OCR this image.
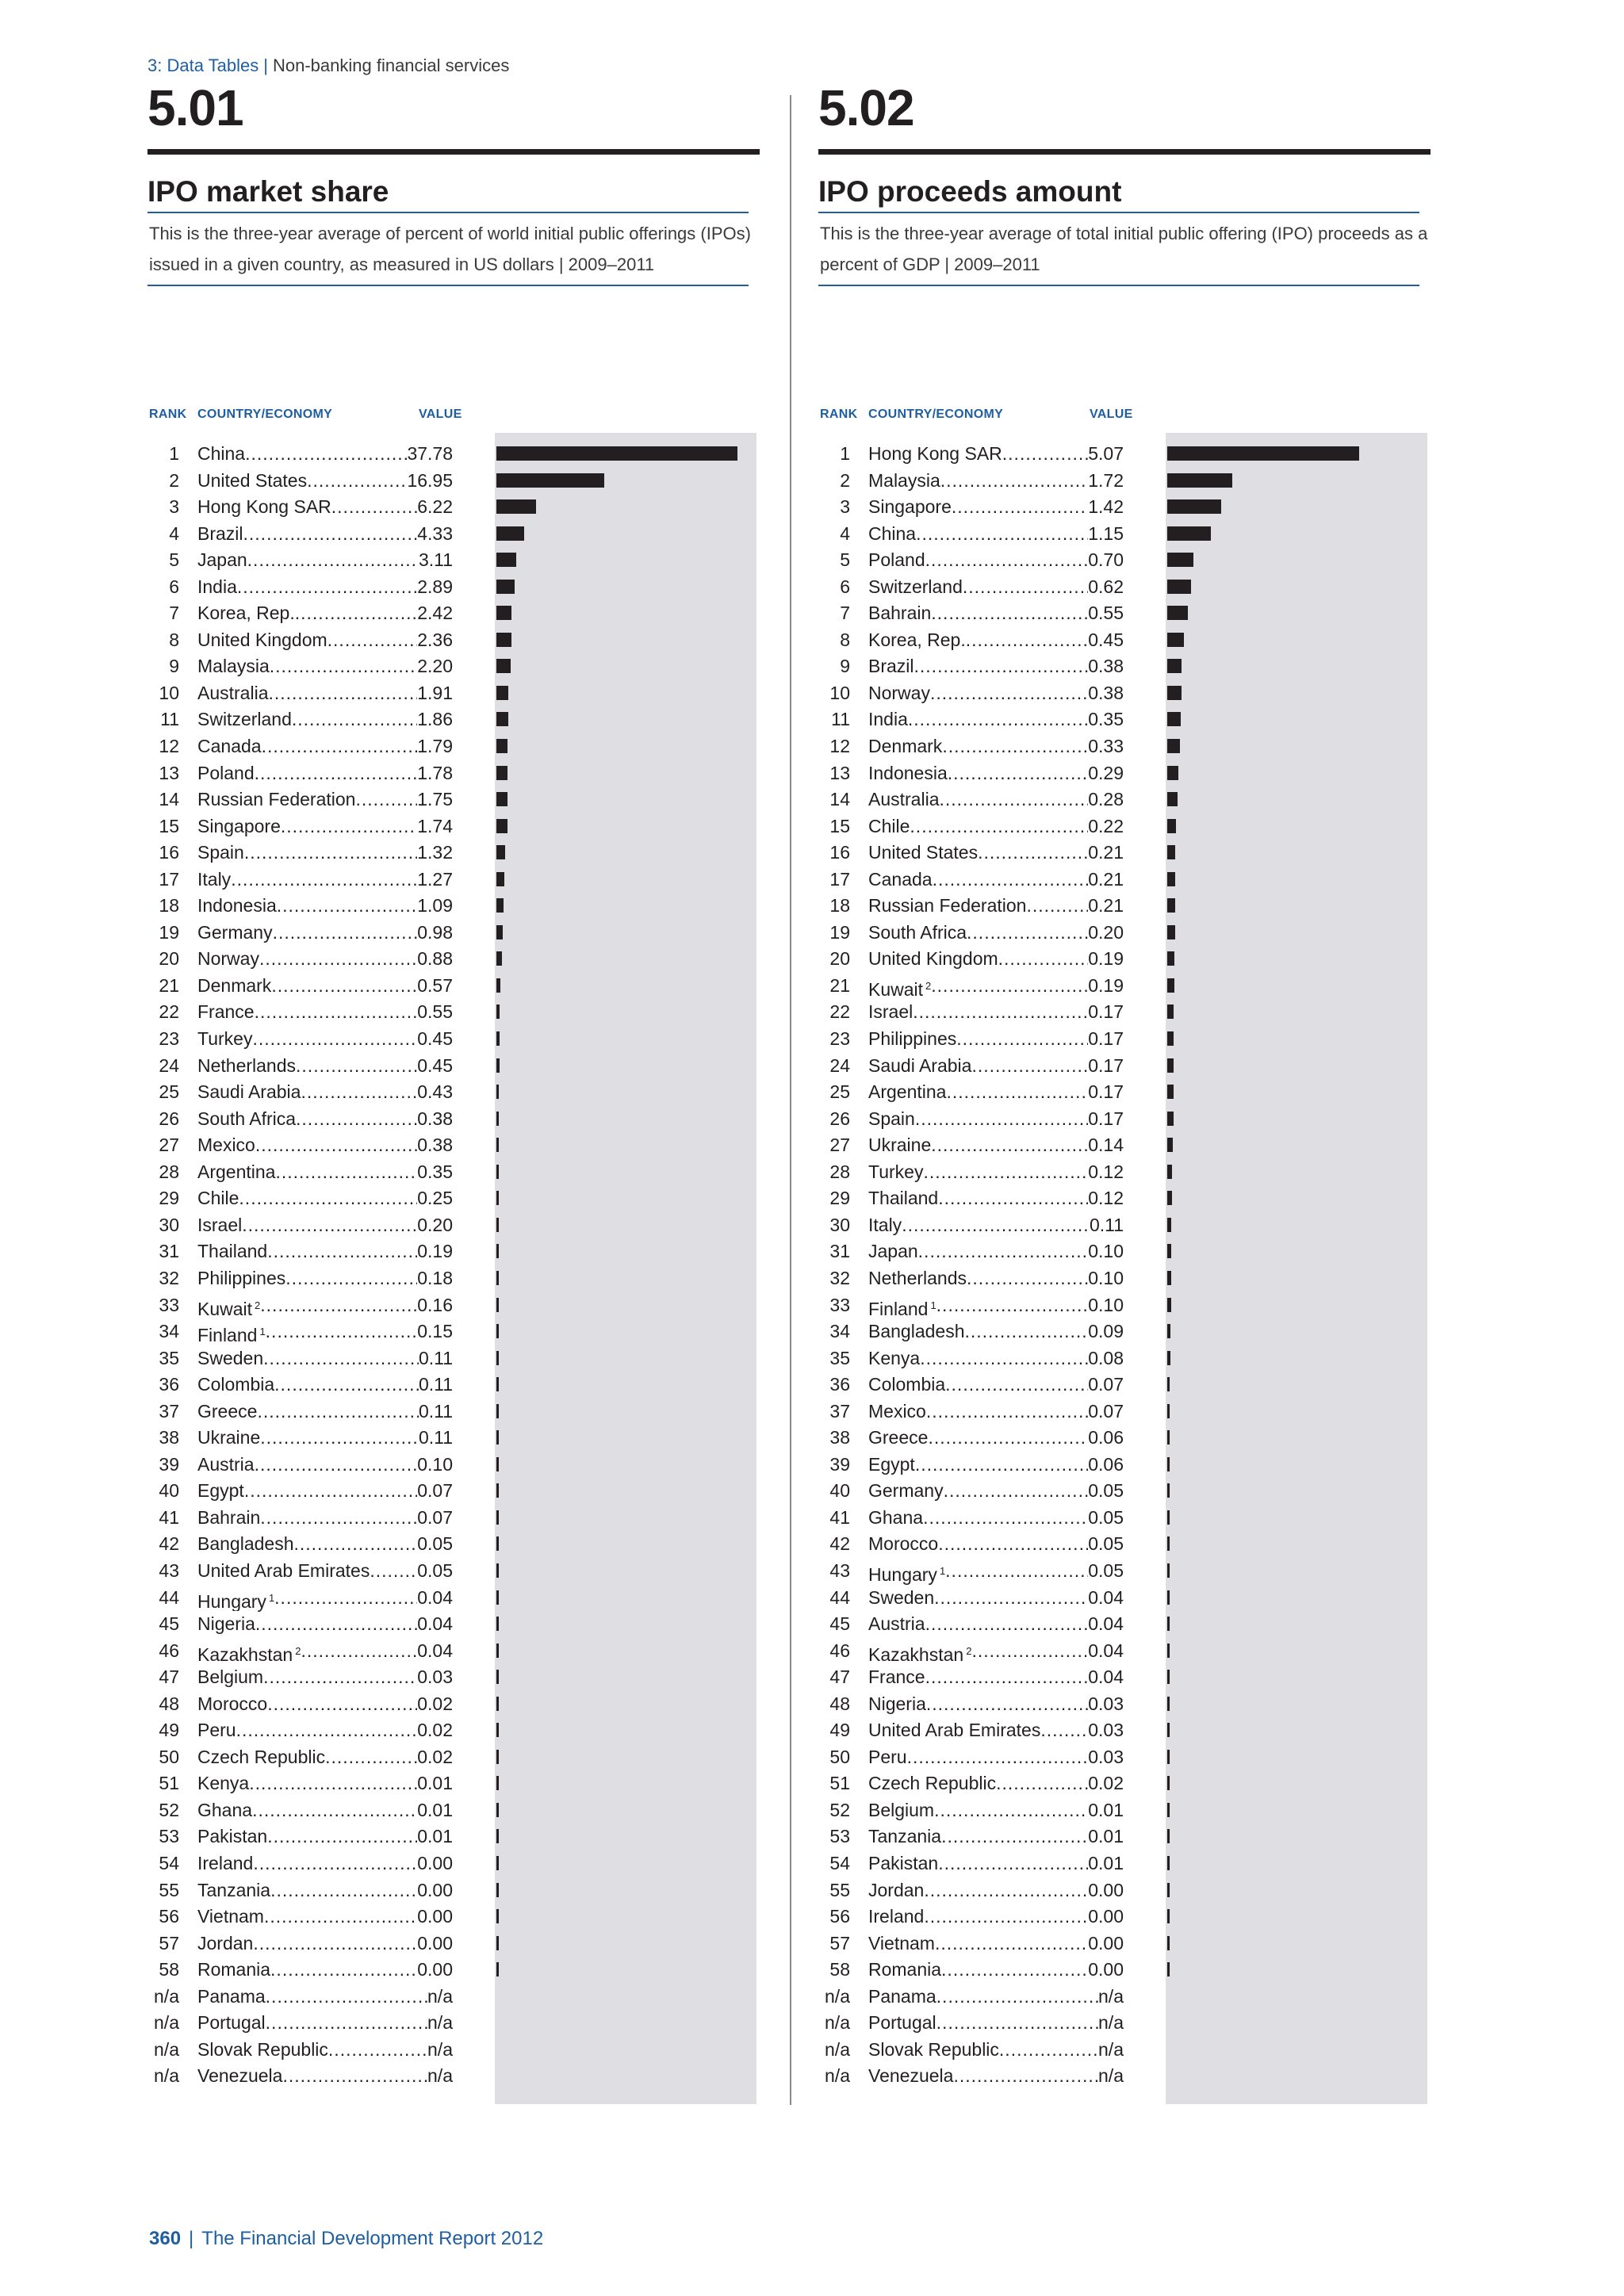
3: Data Tables | Non-banking financial services
5.01
IPO market share
This is the three-year average of percent of world initial public offerings (IPOs) issued in a given country, as measured in US dollars | 2009–2011
RANK COUNTRY/ECONOMY	VALUE
1 China .....	37.78
2 United States .....	16.95
3 Hong Kong SAR .....	6.22
4 Brazil .....	4.33
5 Japan .....	3.11
6 India .....	2.89
7 Korea, Rep. .....	2.42
8 United Kingdom .....	2.36
9 Malaysia .....	2.20
10 Australia .....	1.91
11 Switzerland .....	1.86
12 Canada .....	1.79
13 Poland .....	1.78
14 Russian Federation .....	1.75
15 Singapore .....	1.74
16 Spain .....	1.32
17 Italy .....	1.27
18 Indonesia .....	1.09
19 Germany .....	0.98
20 Norway .....	0.88
21 Denmark .....	0.57
22 France .....	0.55
23 Turkey .....	0.45
24 Netherlands .....	0.45
25 Saudi Arabia .....	0.43
26 South Africa .....	0.38
27 Mexico .....	0.38
28 Argentina .....	0.35
29 Chile .....	0.25
30 Israel .....	0.20
31 Thailand .....	0.19
32 Philippines .....	0.18
33 Kuwait $^2$ .....	0.16
34 Finland $^1$ .....	0.15
35 Sweden .....	0.11
36 Colombia .....	0.11
37 Greece .....	0.11
38 Ukraine .....	0.11
39 Austria .....	0.10
40 Egypt .....	0.07
41 Bahrain .....	0.07
42 Bangladesh .....	0.05
43 United Arab Emirates .....	0.05
44 Hungary $^1$ .....	0.04
45 Nigeria .....	0.04
46 Kazakhstan $^2$ .....	0.04
47 Belgium .....	0.03
48 Morocco .....	0.02
49 Peru .....	0.02
50 Czech Republic .....	0.02
51 Kenya .....	0.01
52 Ghana .....	0.01
53 Pakistan .....	0.01
54 Ireland .....	0.00
55 Tanzania .....	0.00
56 Vietnam .....	0.00
57 Jordan .....	0.00
58 Romania .....	0.00
n/a Panama .....	n/a
n/a Portugal .....	n/a
n/a Slovak Republic .....	n/a
n/a Venezuela .....	n/a
5.02
IPO proceeds amount
This is the three-year average of total initial public offering (IPO) proceeds as a percent of GDP | 2009–2011
RANK COUNTRY/ECONOMY	VALUE
1 Hong Kong SAR .....	5.07
2 Malaysia .....	1.72
3 Singapore .....	1.42
4 China .....	1.15
5 Poland .....	0.70
6 Switzerland .....	0.62
7 Bahrain .....	0.55
8 Korea, Rep. .....	0.45
9 Brazil .....	0.38
10 Norway .....	0.38
11 India .....	0.35
12 Denmark .....	0.33
13 Indonesia .....	0.29
14 Australia .....	0.28
15 Chile .....	0.22
16 United States .....	0.21
17 Canada .....	0.21
18 Russian Federation .....	0.21
19 South Africa .....	0.20
20 United Kingdom .....	0.19
21 Kuwait $^2$ .....	0.19
22 Israel .....	0.17
23 Philippines .....	0.17
24 Saudi Arabia .....	0.17
25 Argentina .....	0.17
26 Spain .....	0.17
27 Ukraine .....	0.14
28 Turkey .....	0.12
29 Thailand .....	0.12
30 Italy .....	0.11
31 Japan .....	0.10
32 Netherlands .....	0.10
33 Finland $^1$ .....	0.10
34 Bangladesh .....	0.09
35 Kenya .....	0.08
36 Colombia .....	0.07
37 Mexico .....	0.07
38 Greece .....	0.06
39 Egypt .....	0.06
40 Germany .....	0.05
41 Ghana .....	0.05
42 Morocco .....	0.05
43 Hungary $^1$ .....	0.05
44 Sweden .....	0.04
45 Austria .....	0.04
46 Kazakhstan $^2$ .....	0.04
47 France .....	0.04
48 Nigeria .....	0.03
49 United Arab Emirates .....	0.03
50 Peru .....	0.03
51 Czech Republic .....	0.02
52 Belgium .....	0.01
53 Tanzania .....	0.01
54 Pakistan .....	0.01
55 Jordan .....	0.00
56 Ireland .....	0.00
57 Vietnam .....	0.00
58 Romania .....	0.00
n/a Panama .....	n/a
n/a Portugal .....	n/a
n/a Slovak Republic .....	n/a
n/a Venezuela .....	n/a
360 | The Financial Development Report 2012
